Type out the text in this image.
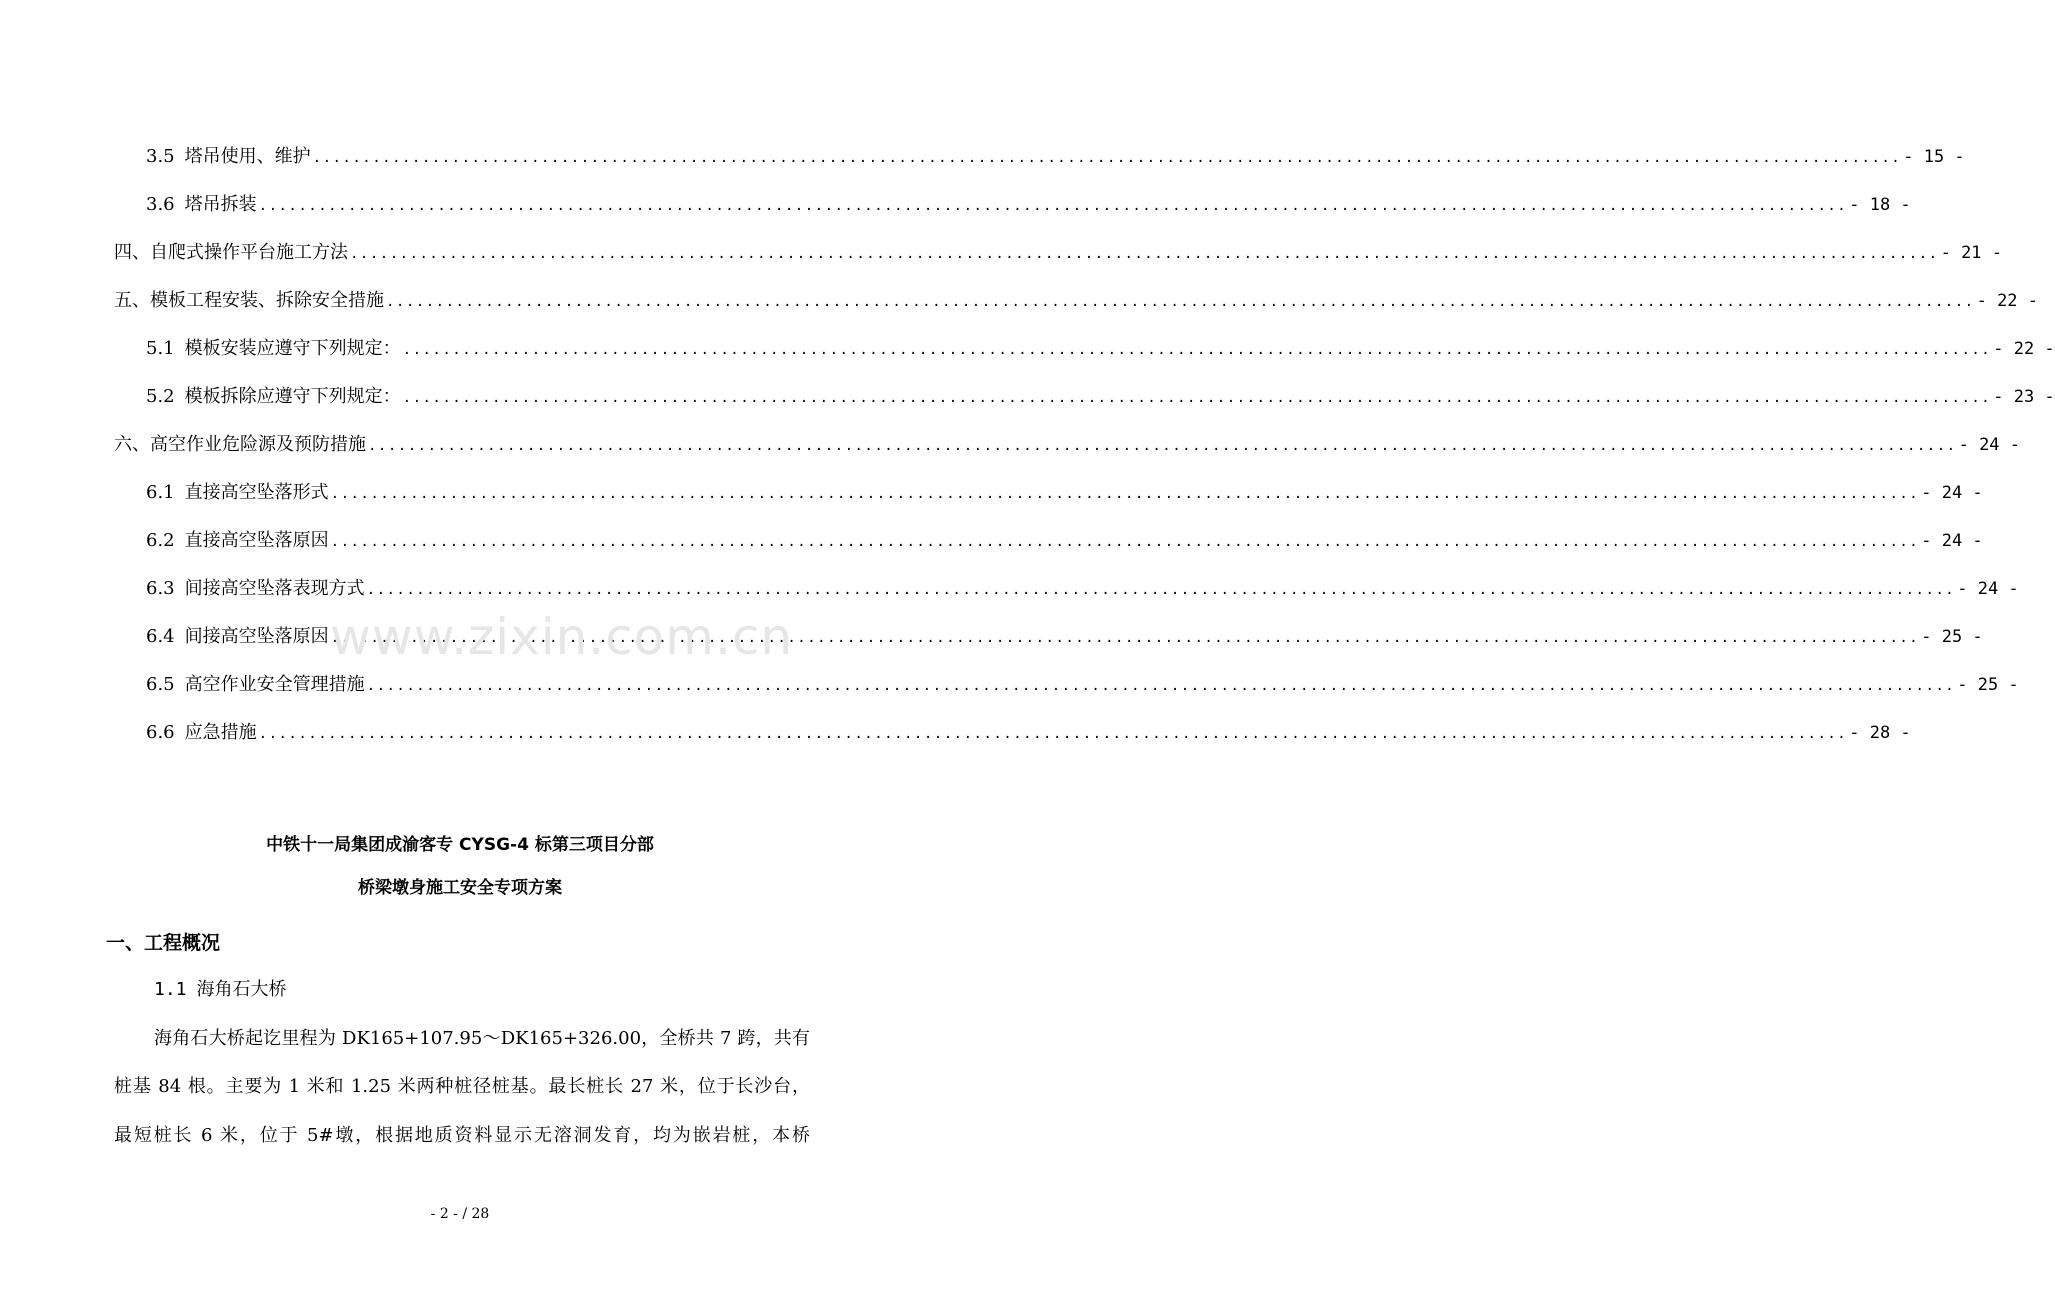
3.5 塔吊使用、维护 ................................................................................................................................................................ - 15 -
3.6 塔吊拆装 ................................................................................................................................................................ - 18 -
四、自爬式操作平台施工方法 ................................................................................................................................................................ - 21 -
五、模板工程安装、拆除安全措施 ................................................................................................................................................................ - 22 -
5.1 模板安装应遵守下列规定： ................................................................................................................................................................ - 22 -
5.2 模板拆除应遵守下列规定： ................................................................................................................................................................ - 23 -
六、高空作业危险源及预防措施 ................................................................................................................................................................ - 24 -
6.1 直接高空坠落形式 ................................................................................................................................................................ - 24 -
6.2 直接高空坠落原因 ................................................................................................................................................................ - 24 -
6.3 间接高空坠落表现方式 ................................................................................................................................................................ - 24 -
6.4 间接高空坠落原因 ................................................................................................................................................................ - 25 -
6.5 高空作业安全管理措施 ................................................................................................................................................................ - 25 -
6.6 应急措施 ................................................................................................................................................................ - 28 -
www.zixin.com.cn
中铁十一局集团成渝客专 CYSG-4 标第三项目分部
桥梁墩身施工安全专项方案
一、工程概况
1.1 海角石大桥
海角石大桥起讫里程为 DK165+107.95～DK165+326.00，全桥共 7 跨，共有
桩基 84 根。主要为 1 米和 1.25 米两种桩径桩基。最长桩长 27 米，位于长沙台，
最短桩长 6 米，位于 5#墩，根据地质资料显示无溶洞发育，均为嵌岩桩，本桥
- 2 - / 28
